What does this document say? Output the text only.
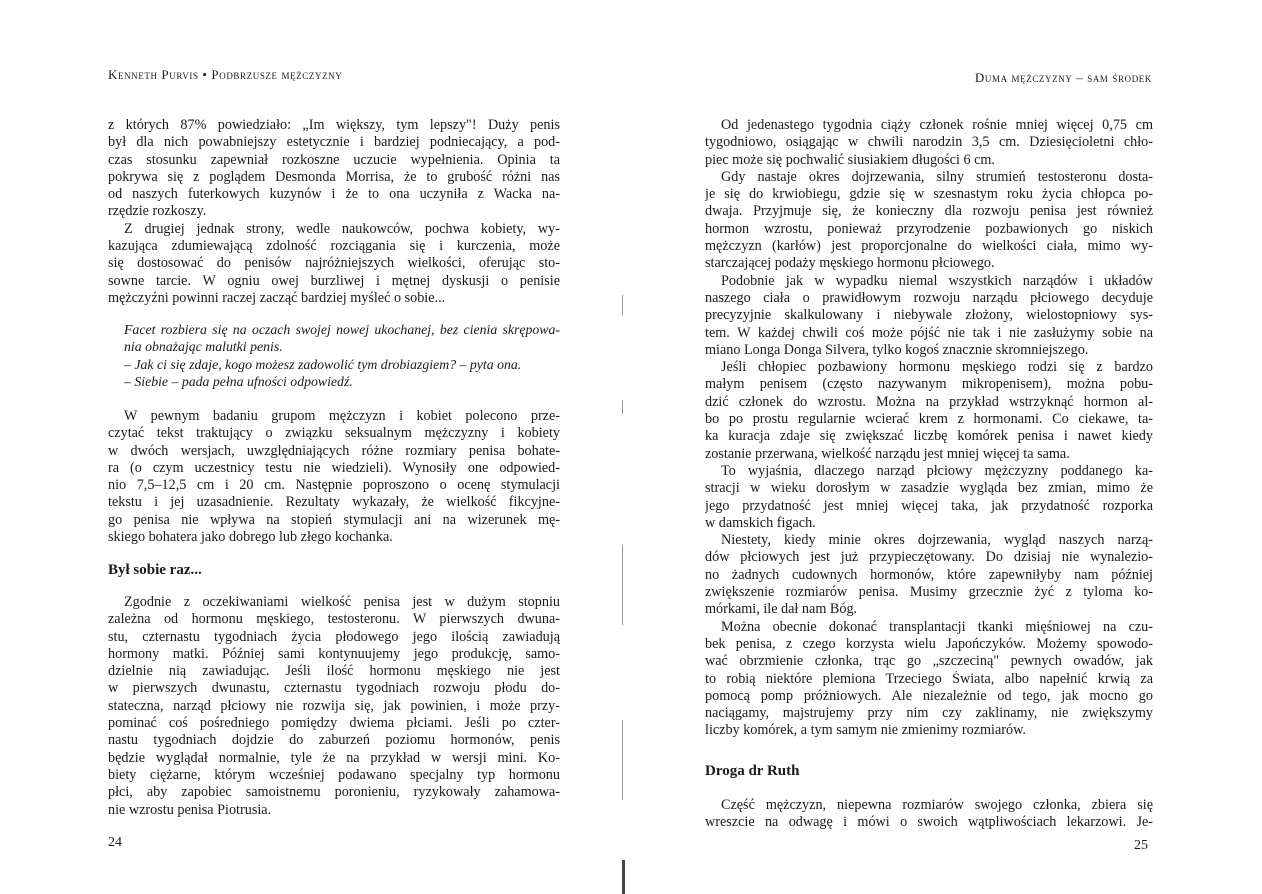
Kenneth Purvis • Podbrzusze mężczyzny
z których 87% powiedziało: „Im większy, tym lepszy"! Duży penis
był dla nich powabniejszy estetycznie i bardziej podniecający, a pod-
czas stosunku zapewniał rozkoszne uczucie wypełnienia. Opinia ta
pokrywa się z poglądem Desmonda Morrisa, że to grubość różni nas
od naszych futerkowych kuzynów i że to ona uczyniła z Wacka na-
rzędzie rozkoszy.
Z drugiej jednak strony, wedle naukowców, pochwa kobiety, wy-
kazująca zdumiewającą zdolność rozciągania się i kurczenia, może
się dostosować do penisów najróżniejszych wielkości, oferując sto-
sowne tarcie. W ogniu owej burzliwej i mętnej dyskusji o penisie
mężczyźni powinni raczej zacząć bardziej myśleć o sobie...
Facet rozbiera się na oczach swojej nowej ukochanej, bez cienia skrępowa-
nia obnażając malutki penis.
– Jak ci się zdaje, kogo możesz zadowolić tym drobiazgiem? – pyta ona.
– Siebie – pada pełna ufności odpowiedź.
W pewnym badaniu grupom mężczyzn i kobiet polecono prze-
czytać tekst traktujący o związku seksualnym mężczyzny i kobiety
w dwóch wersjach, uwzględniających różne rozmiary penisa bohate-
ra (o czym uczestnicy testu nie wiedzieli). Wynosiły one odpowied-
nio 7,5–12,5 cm i 20 cm. Następnie poproszono o ocenę stymulacji
tekstu i jej uzasadnienie. Rezultaty wykazały, że wielkość fikcyjne-
go penisa nie wpływa na stopień stymulacji ani na wizerunek mę-
skiego bohatera jako dobrego lub złego kochanka.
Był sobie raz...
Zgodnie z oczekiwaniami wielkość penisa jest w dużym stopniu
zależna od hormonu męskiego, testosteronu. W pierwszych dwuna-
stu, czternastu tygodniach życia płodowego jego ilością zawiadują
hormony matki. Później sami kontynuujemy jego produkcję, samo-
dzielnie nią zawiadując. Jeśli ilość hormonu męskiego nie jest
w pierwszych dwunastu, czternastu tygodniach rozwoju płodu do-
stateczna, narząd płciowy nie rozwija się, jak powinien, i może przy-
pominać coś pośredniego pomiędzy dwiema płciami. Jeśli po czter-
nastu tygodniach dojdzie do zaburzeń poziomu hormonów, penis
będzie wyglądał normalnie, tyle że na przykład w wersji mini. Ko-
biety ciężarne, którym wcześniej podawano specjalny typ hormonu
płci, aby zapobiec samoistnemu poronieniu, ryzykowały zahamowa-
nie wzrostu penisa Piotrusia.
24
Duma mężczyzny – sam środek
Od jedenastego tygodnia ciąży członek rośnie mniej więcej 0,75 cm
tygodniowo, osiągając w chwili narodzin 3,5 cm. Dziesięcioletni chło-
piec może się pochwalić siusiakiem długości 6 cm.
Gdy nastaje okres dojrzewania, silny strumień testosteronu dosta-
je się do krwiobiegu, gdzie się w szesnastym roku życia chłopca po-
dwaja. Przyjmuje się, że konieczny dla rozwoju penisa jest również
hormon wzrostu, ponieważ przyrodzenie pozbawionych go niskich
mężczyzn (karłów) jest proporcjonalne do wielkości ciała, mimo wy-
starczającej podaży męskiego hormonu płciowego.
Podobnie jak w wypadku niemal wszystkich narządów i układów
naszego ciała o prawidłowym rozwoju narządu płciowego decyduje
precyzyjnie skalkulowany i niebywale złożony, wielostopniowy sys-
tem. W każdej chwili coś może pójść nie tak i nie zasłużymy sobie na
miano Longa Donga Silvera, tylko kogoś znacznie skromniejszego.
Jeśli chłopiec pozbawiony hormonu męskiego rodzi się z bardzo
małym penisem (często nazywanym mikropenisem), można pobu-
dzić członek do wzrostu. Można na przykład wstrzyknąć hormon al-
bo po prostu regularnie wcierać krem z hormonami. Co ciekawe, ta-
ka kuracja zdaje się zwiększać liczbę komórek penisa i nawet kiedy
zostanie przerwana, wielkość narządu jest mniej więcej ta sama.
To wyjaśnia, dlaczego narząd płciowy mężczyzny poddanego ka-
stracji w wieku dorosłym w zasadzie wygląda bez zmian, mimo że
jego przydatność jest mniej więcej taka, jak przydatność rozporka
w damskich figach.
Niestety, kiedy minie okres dojrzewania, wygląd naszych narzą-
dów płciowych jest już przypieczętowany. Do dzisiaj nie wynalezio-
no żadnych cudownych hormonów, które zapewniłyby nam później
zwiększenie rozmiarów penisa. Musimy grzecznie żyć z tyloma ko-
mórkami, ile dał nam Bóg.
Można obecnie dokonać transplantacji tkanki mięśniowej na czu-
bek penisa, z czego korzysta wielu Japończyków. Możemy spowodo-
wać obrzmienie członka, trąc go „szczeciną" pewnych owadów, jak
to robią niektóre plemiona Trzeciego Świata, albo napełnić krwią za
pomocą pomp próżniowych. Ale niezależnie od tego, jak mocno go
naciągamy, majstrujemy przy nim czy zaklinamy, nie zwiększymy
liczby komórek, a tym samym nie zmienimy rozmiarów.
Droga dr Ruth
Część mężczyzn, niepewna rozmiarów swojego członka, zbiera się
wreszcie na odwagę i mówi o swoich wątpliwościach lekarzowi. Je-
25
